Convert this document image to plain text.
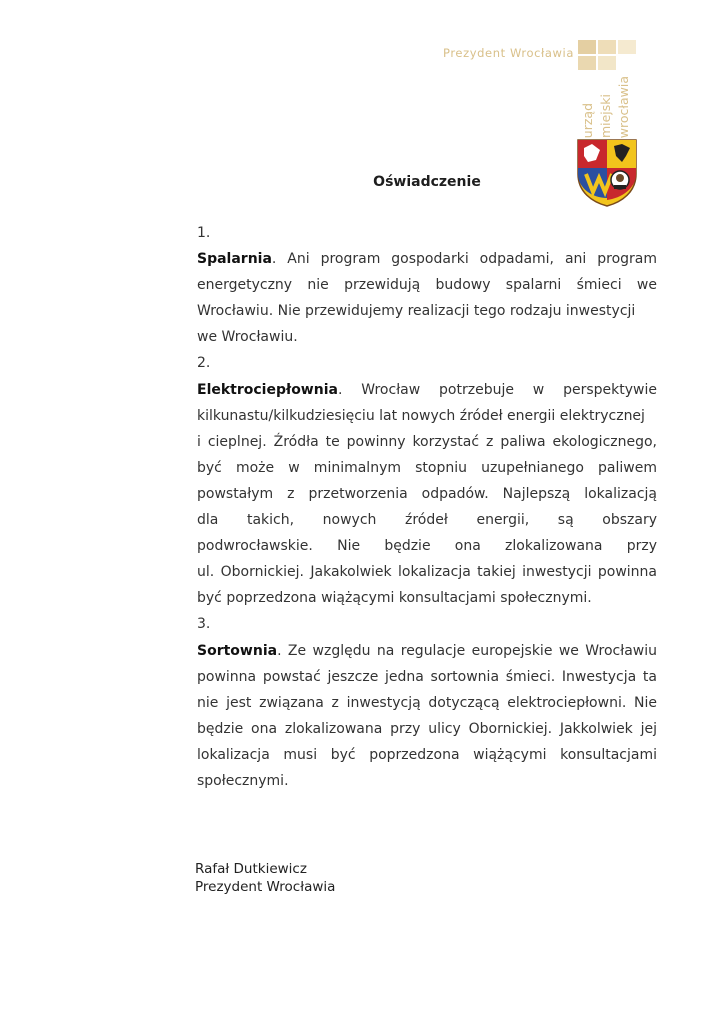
Prezydent Wrocławia
urząd miejski wrocławia
Oświadczenie
1.
Spalarnia. Ani program gospodarki odpadami, ani program
energetyczny nie przewidują budowy spalarni śmieci we
Wrocławiu. Nie przewidujemy realizacji tego rodzaju inwestycji
we Wrocławiu.
2.
Elektrociepłownia. Wrocław potrzebuje w perspektywie
kilkunastu/kilkudziesięciu lat nowych źródeł energii elektrycznej
i cieplnej. Źródła te powinny korzystać z paliwa ekologicznego,
być może w minimalnym stopniu uzupełnianego paliwem
powstałym z przetworzenia odpadów. Najlepszą lokalizacją
dla takich, nowych źródeł energii, są obszary
podwrocławskie. Nie będzie ona zlokalizowana przy
ul. Obornickiej. Jakakolwiek lokalizacja takiej inwestycji powinna
być poprzedzona wiążącymi konsultacjami społecznymi.
3.
Sortownia. Ze względu na regulacje europejskie we Wrocławiu
powinna powstać jeszcze jedna sortownia śmieci. Inwestycja ta
nie jest związana z inwestycją dotyczącą elektrociepłowni. Nie
będzie ona zlokalizowana przy ulicy Obornickiej. Jakkolwiek jej
lokalizacja musi być poprzedzona wiążącymi konsultacjami
społecznymi.
Rafał Dutkiewicz
Prezydent Wrocławia
